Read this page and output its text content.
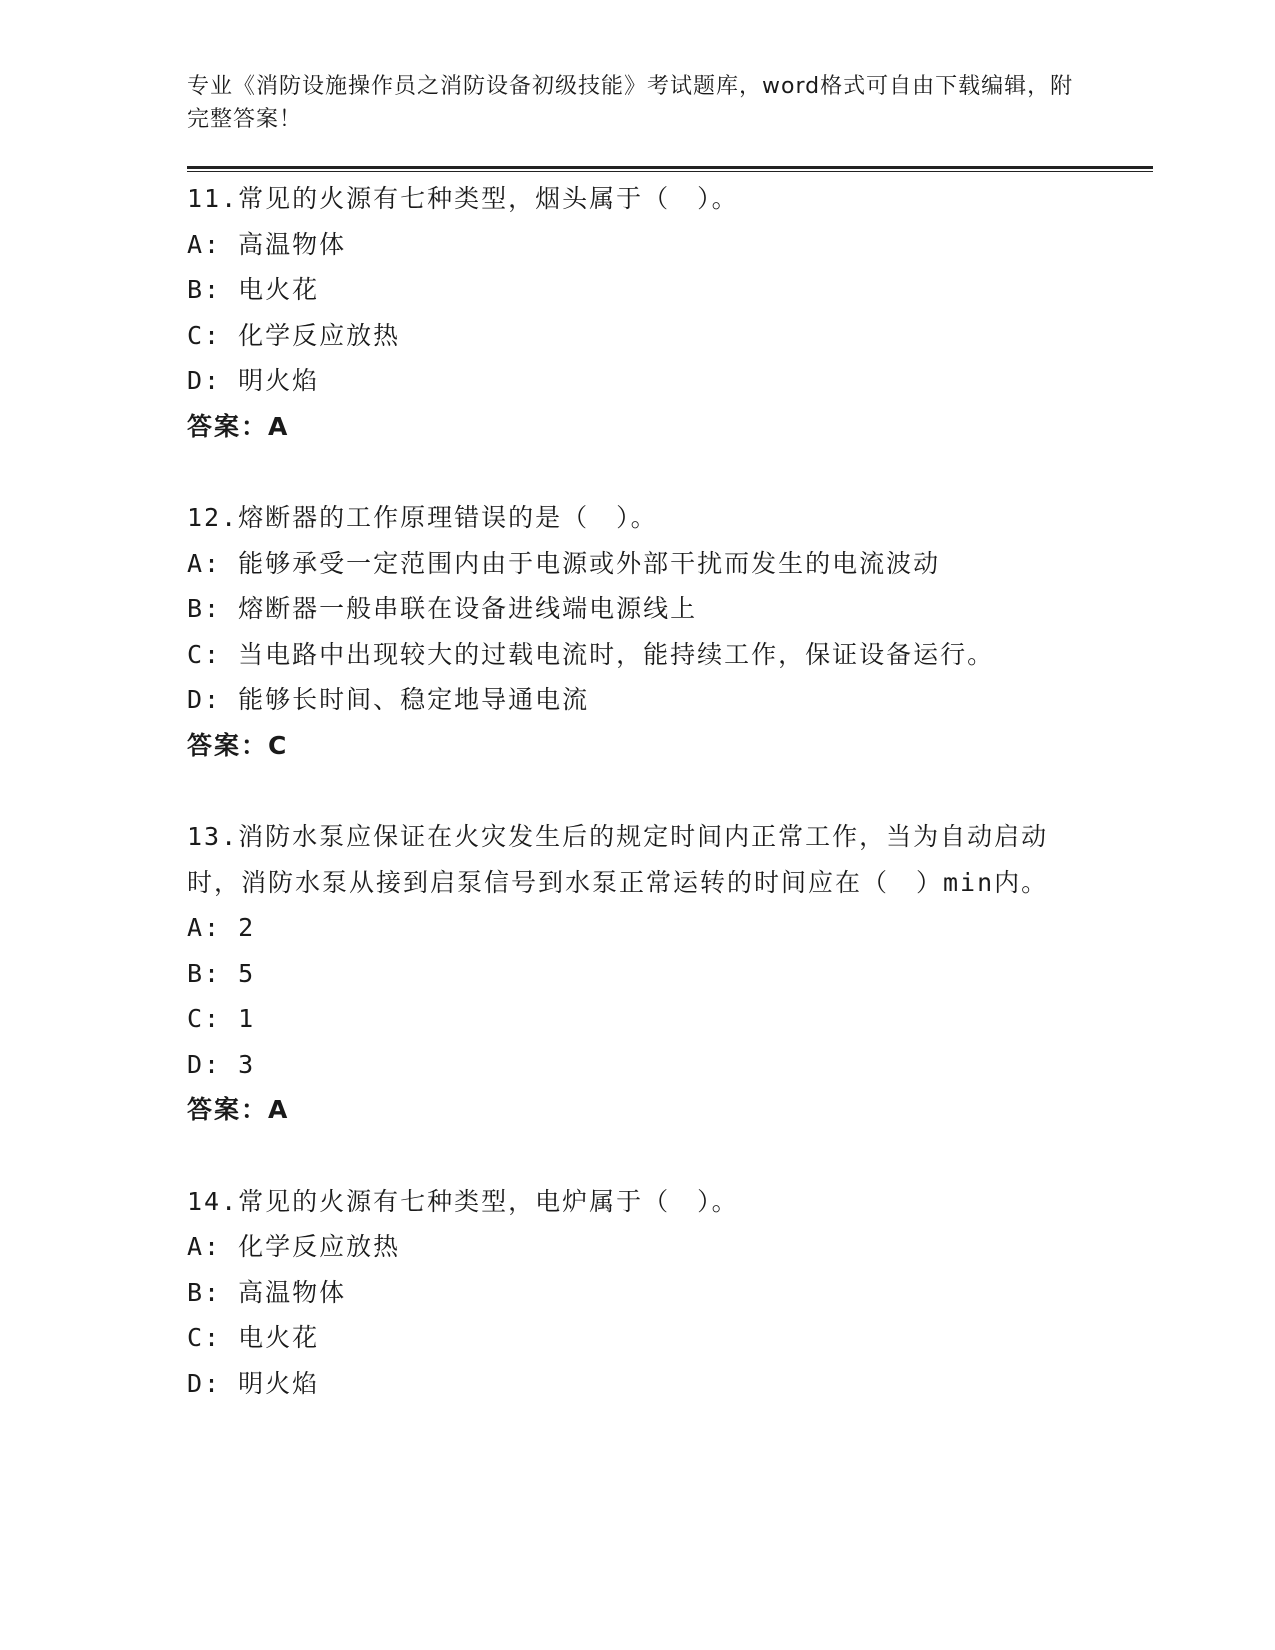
专业《消防设施操作员之消防设备初级技能》考试题库，word格式可自由下载编辑，附完整答案！

11.常见的火源有七种类型，烟头属于（　）。

A: 高温物体

B: 电火花

C: 化学反应放热

D: 明火焰

答案：A

12.熔断器的工作原理错误的是（　）。

A: 能够承受一定范围内由于电源或外部干扰而发生的电流波动

B: 熔断器一般串联在设备进线端电源线上

C: 当电路中出现较大的过载电流时，能持续工作，保证设备运行。

D: 能够长时间、稳定地导通电流

答案：C

13.消防水泵应保证在火灾发生后的规定时间内正常工作，当为自动启动时，消防水泵从接到启泵信号到水泵正常运转的时间应在（　）min内。

A: 2

B: 5

C: 1

D: 3

答案：A

14.常见的火源有七种类型，电炉属于（　）。

A: 化学反应放热

B: 高温物体

C: 电火花

D: 明火焰
